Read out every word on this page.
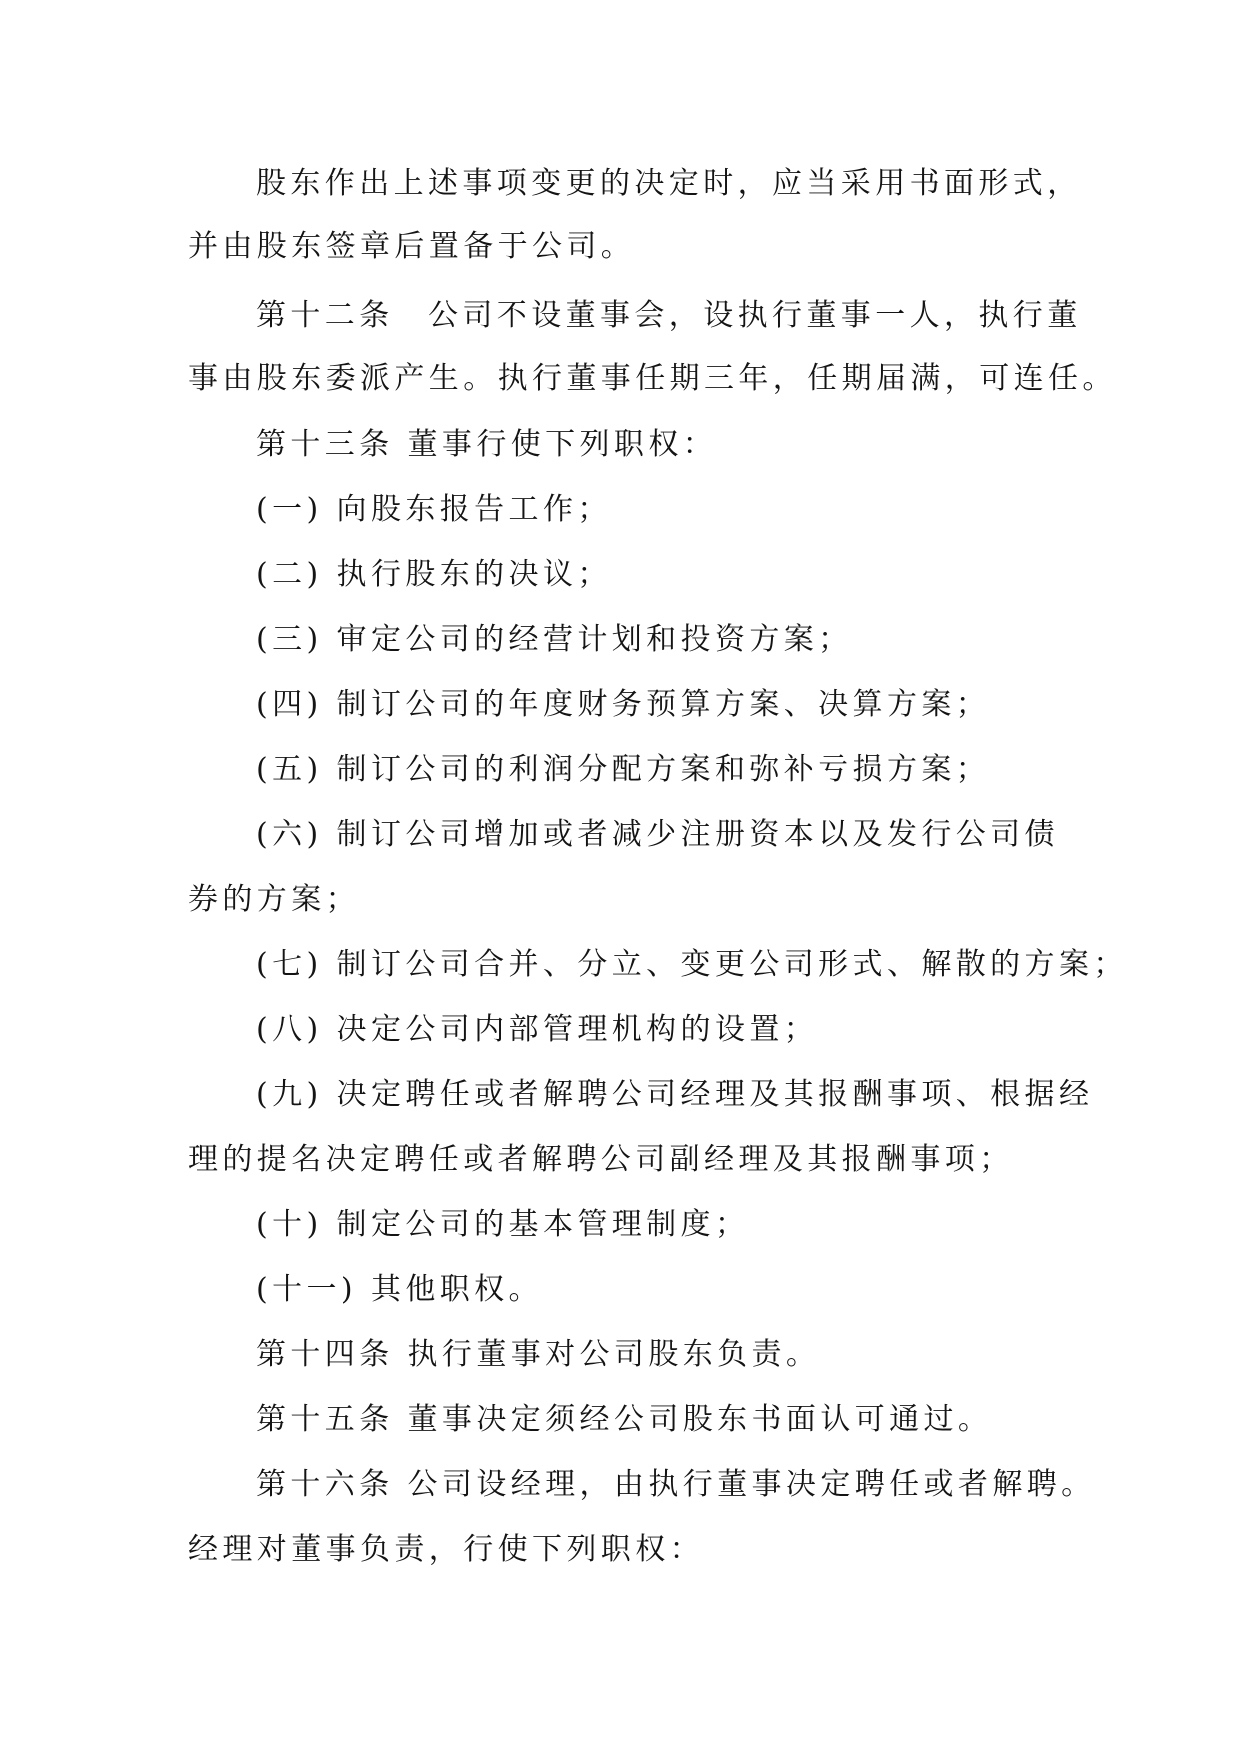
股东作出上述事项变更的决定时，应当采用书面形式，
并由股东签章后置备于公司。
第十二条　公司不设董事会，设执行董事一人，执行董
事由股东委派产生。执行董事任期三年，任期届满，可连任。
第十三条 董事行使下列职权：
(一) 向股东报告工作；
(二) 执行股东的决议；
(三) 审定公司的经营计划和投资方案；
(四) 制订公司的年度财务预算方案、决算方案；
(五) 制订公司的利润分配方案和弥补亏损方案；
(六) 制订公司增加或者减少注册资本以及发行公司债
券的方案；
(七) 制订公司合并、分立、变更公司形式、解散的方案；
(八) 决定公司内部管理机构的设置；
(九) 决定聘任或者解聘公司经理及其报酬事项、根据经
理的提名决定聘任或者解聘公司副经理及其报酬事项；
(十) 制定公司的基本管理制度；
(十一) 其他职权。
第十四条 执行董事对公司股东负责。
第十五条 董事决定须经公司股东书面认可通过。
第十六条 公司设经理，由执行董事决定聘任或者解聘。
经理对董事负责，行使下列职权：
